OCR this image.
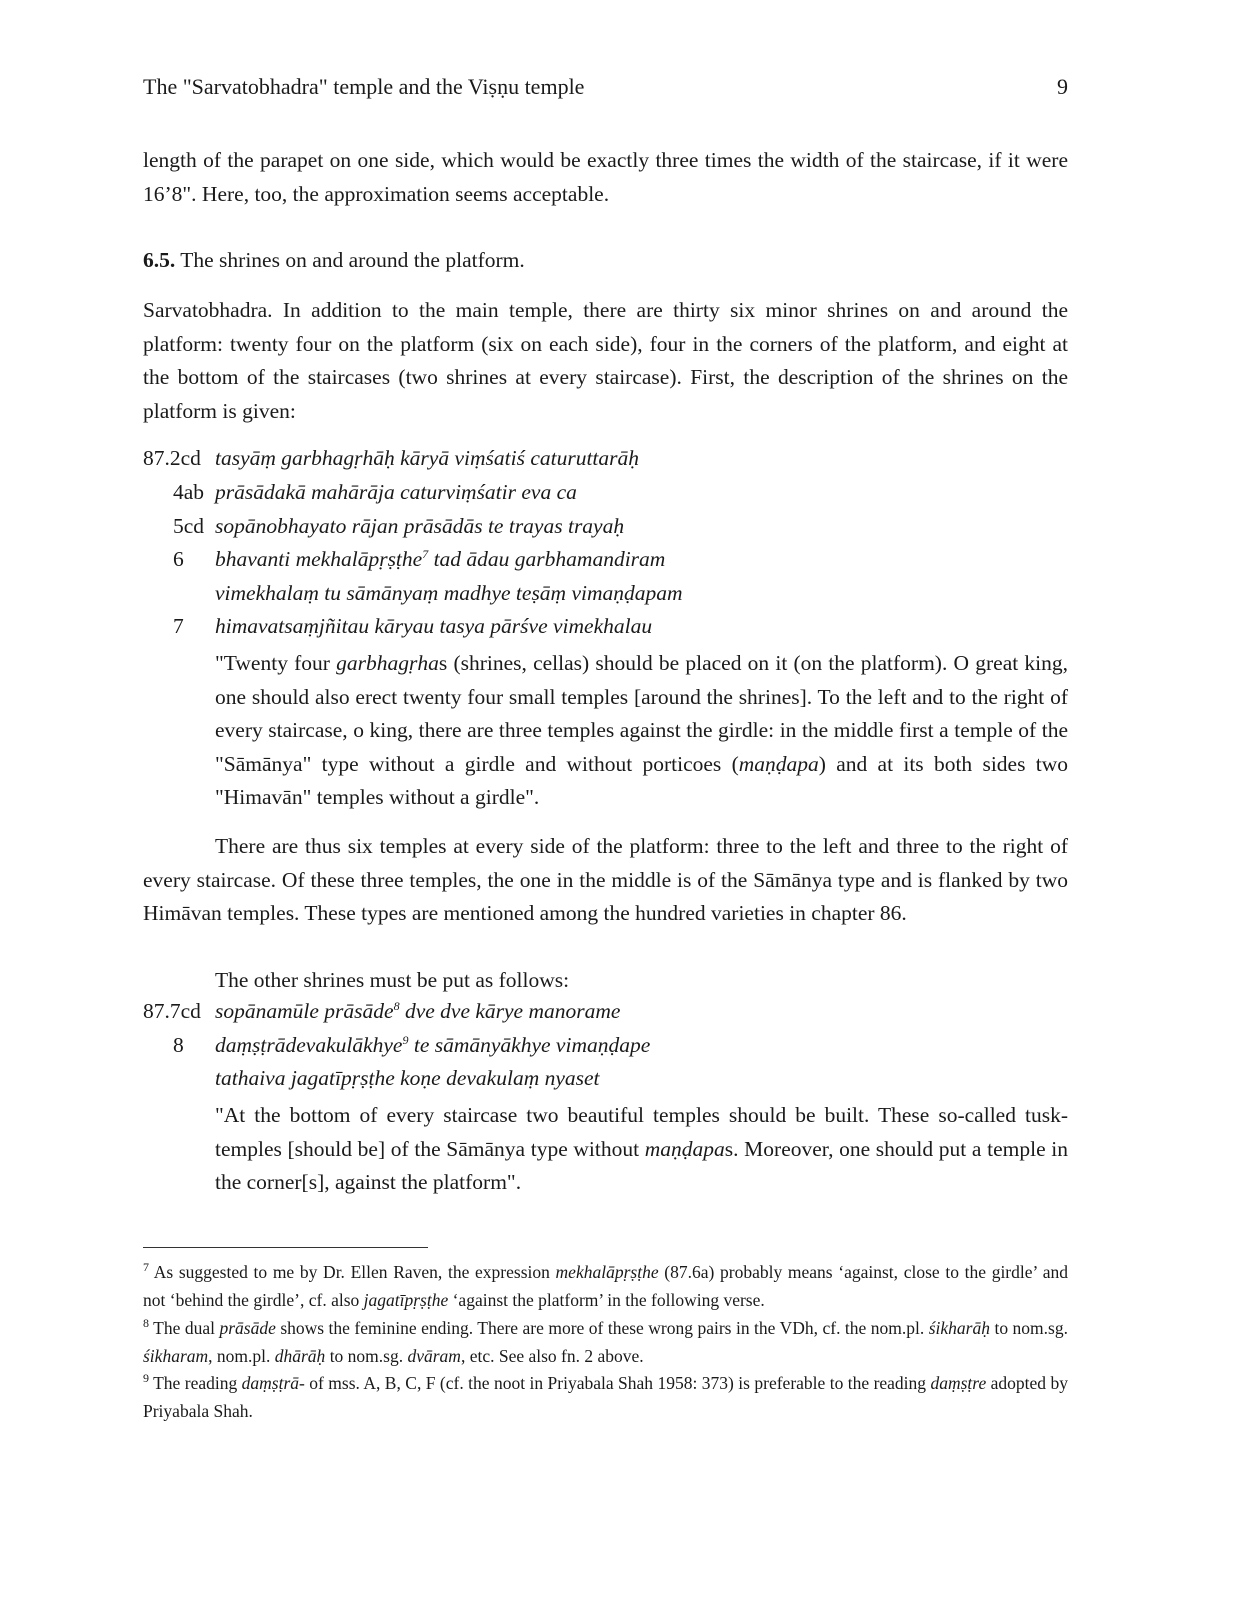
The "Sarvatobhadra" temple and the Viṣṇu temple	9
length of the parapet on one side, which would be exactly three times the width of the staircase, if it were 16’8". Here, too, the approximation seems acceptable.
6.5. The shrines on and around the platform.
Sarvatobhadra. In addition to the main temple, there are thirty six minor shrines on and around the platform: twenty four on the platform (six on each side), four in the corners of the platform, and eight at the bottom of the staircases (two shrines at every staircase). First, the description of the shrines on the platform is given:
87.2cd tasyāṃ garbhagṛhāḥ kāryā viṃśatiś caturuttarāḥ
4ab prāsādakā mahārāja caturviṃśatir eva ca
5cd sopānobhayato rājan prāsādās te trayas trayaḥ
6 bhavanti mekhalāpṛṣṭhe$^7$ tad ādau garbhamandiram
vimekhalaṃ tu sāmānyaṃ madhye teṣāṃ vimaṇḍapam
7 himavatsaṃjñitau kāryau tasya pārśve vimekhalau
"Twenty four garbhagṛhas (shrines, cellas) should be placed on it (on the platform). O great king, one should also erect twenty four small temples [around the shrines]. To the left and to the right of every staircase, o king, there are three temples against the girdle: in the middle first a temple of the "Sāmānya" type without a girdle and without porticoes (maṇḍapa) and at its both sides two "Himavān" temples without a girdle".
There are thus six temples at every side of the platform: three to the left and three to the right of every staircase. Of these three temples, the one in the middle is of the Sāmānya type and is flanked by two Himāvan temples. These types are mentioned among the hundred varieties in chapter 86.
The other shrines must be put as follows:
87.7cd sopānamūle prāsāde$^8$ dve dve kārye manorame
8 daṃṣṭrādevakulākhye$^9$ te sāmānyākhye vimaṇḍape
tathaiva jagatīpṛṣṭhe koṇe devakulaṃ nyaset
"At the bottom of every staircase two beautiful temples should be built. These so-called tusk-temples [should be] of the Sāmānya type without maṇḍapas. Moreover, one should put a temple in the corner[s], against the platform".
$^7$ As suggested to me by Dr. Ellen Raven, the expression mekhalāpṛṣṭhe (87.6a) probably means ‘against, close to the girdle’ and not ‘behind the girdle’, cf. also jagatīpṛṣṭhe ‘against the platform’ in the following verse.
$^8$ The dual prāsāde shows the feminine ending. There are more of these wrong pairs in the VDh, cf. the nom.pl. śikharāḥ to nom.sg. śikharam, nom.pl. dhārāḥ to nom.sg. dvāram, etc. See also fn. 2 above.
$^9$ The reading daṃṣṭrā- of mss. A, B, C, F (cf. the noot in Priyabala Shah 1958: 373) is preferable to the reading daṃṣṭre adopted by Priyabala Shah.
